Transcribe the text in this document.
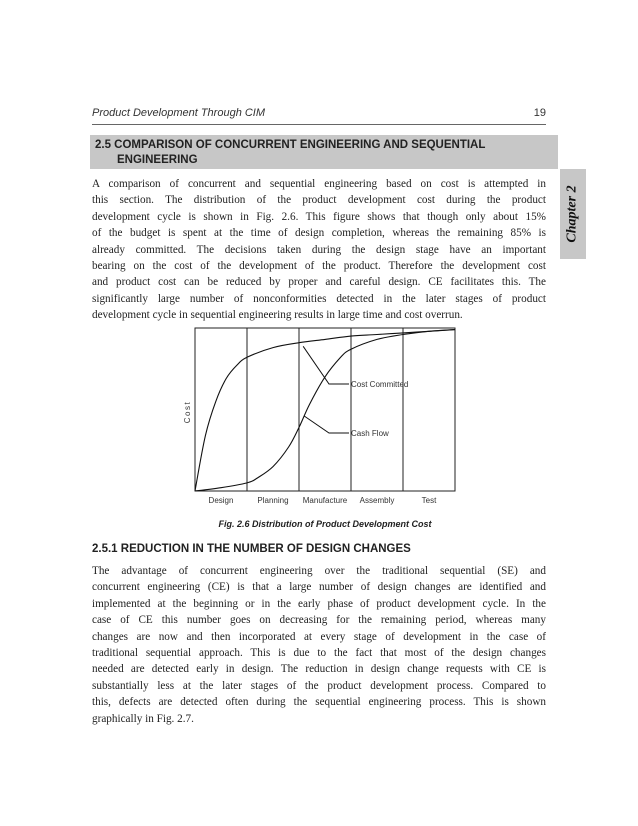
Product Development Through CIM	19
2.5 COMPARISON OF CONCURRENT ENGINEERING AND SEQUENTIAL
ENGINEERING
Chapter 2
A comparison of concurrent and sequential engineering based on cost is attempted in
this section. The distribution of the product development cost during the product
development cycle is shown in Fig. 2.6. This figure shows that though only about 15%
of the budget is spent at the time of design completion, whereas the remaining 85% is
already committed. The decisions taken during the design stage have an important
bearing on the cost of the development of the product. Therefore the development cost
and product cost can be reduced by proper and careful design. CE facilitates this. The
significantly large number of nonconformities detected in the later stages of product
development cycle in sequential engineering results in large time and cost overrun.
Cost Committed
Cash Flow
Design	Planning Manufacture Assembly	Test
Cost
Fig. 2.6 Distribution of Product Development Cost
2.5.1 REDUCTION IN THE NUMBER OF DESIGN CHANGES
The advantage of concurrent engineering over the traditional sequential (SE) and
concurrent engineering (CE) is that a large number of design changes are identified and
implemented at the beginning or in the early phase of product development cycle. In the
case of CE this number goes on decreasing for the remaining period, whereas many
changes are now and then incorporated at every stage of development in the case of
traditional sequential approach. This is due to the fact that most of the design changes
needed are detected early in design. The reduction in design change requests with CE is
substantially less at the later stages of the product development process. Compared to
this, defects are detected often during the sequential engineering process. This is shown
graphically in Fig. 2.7.
